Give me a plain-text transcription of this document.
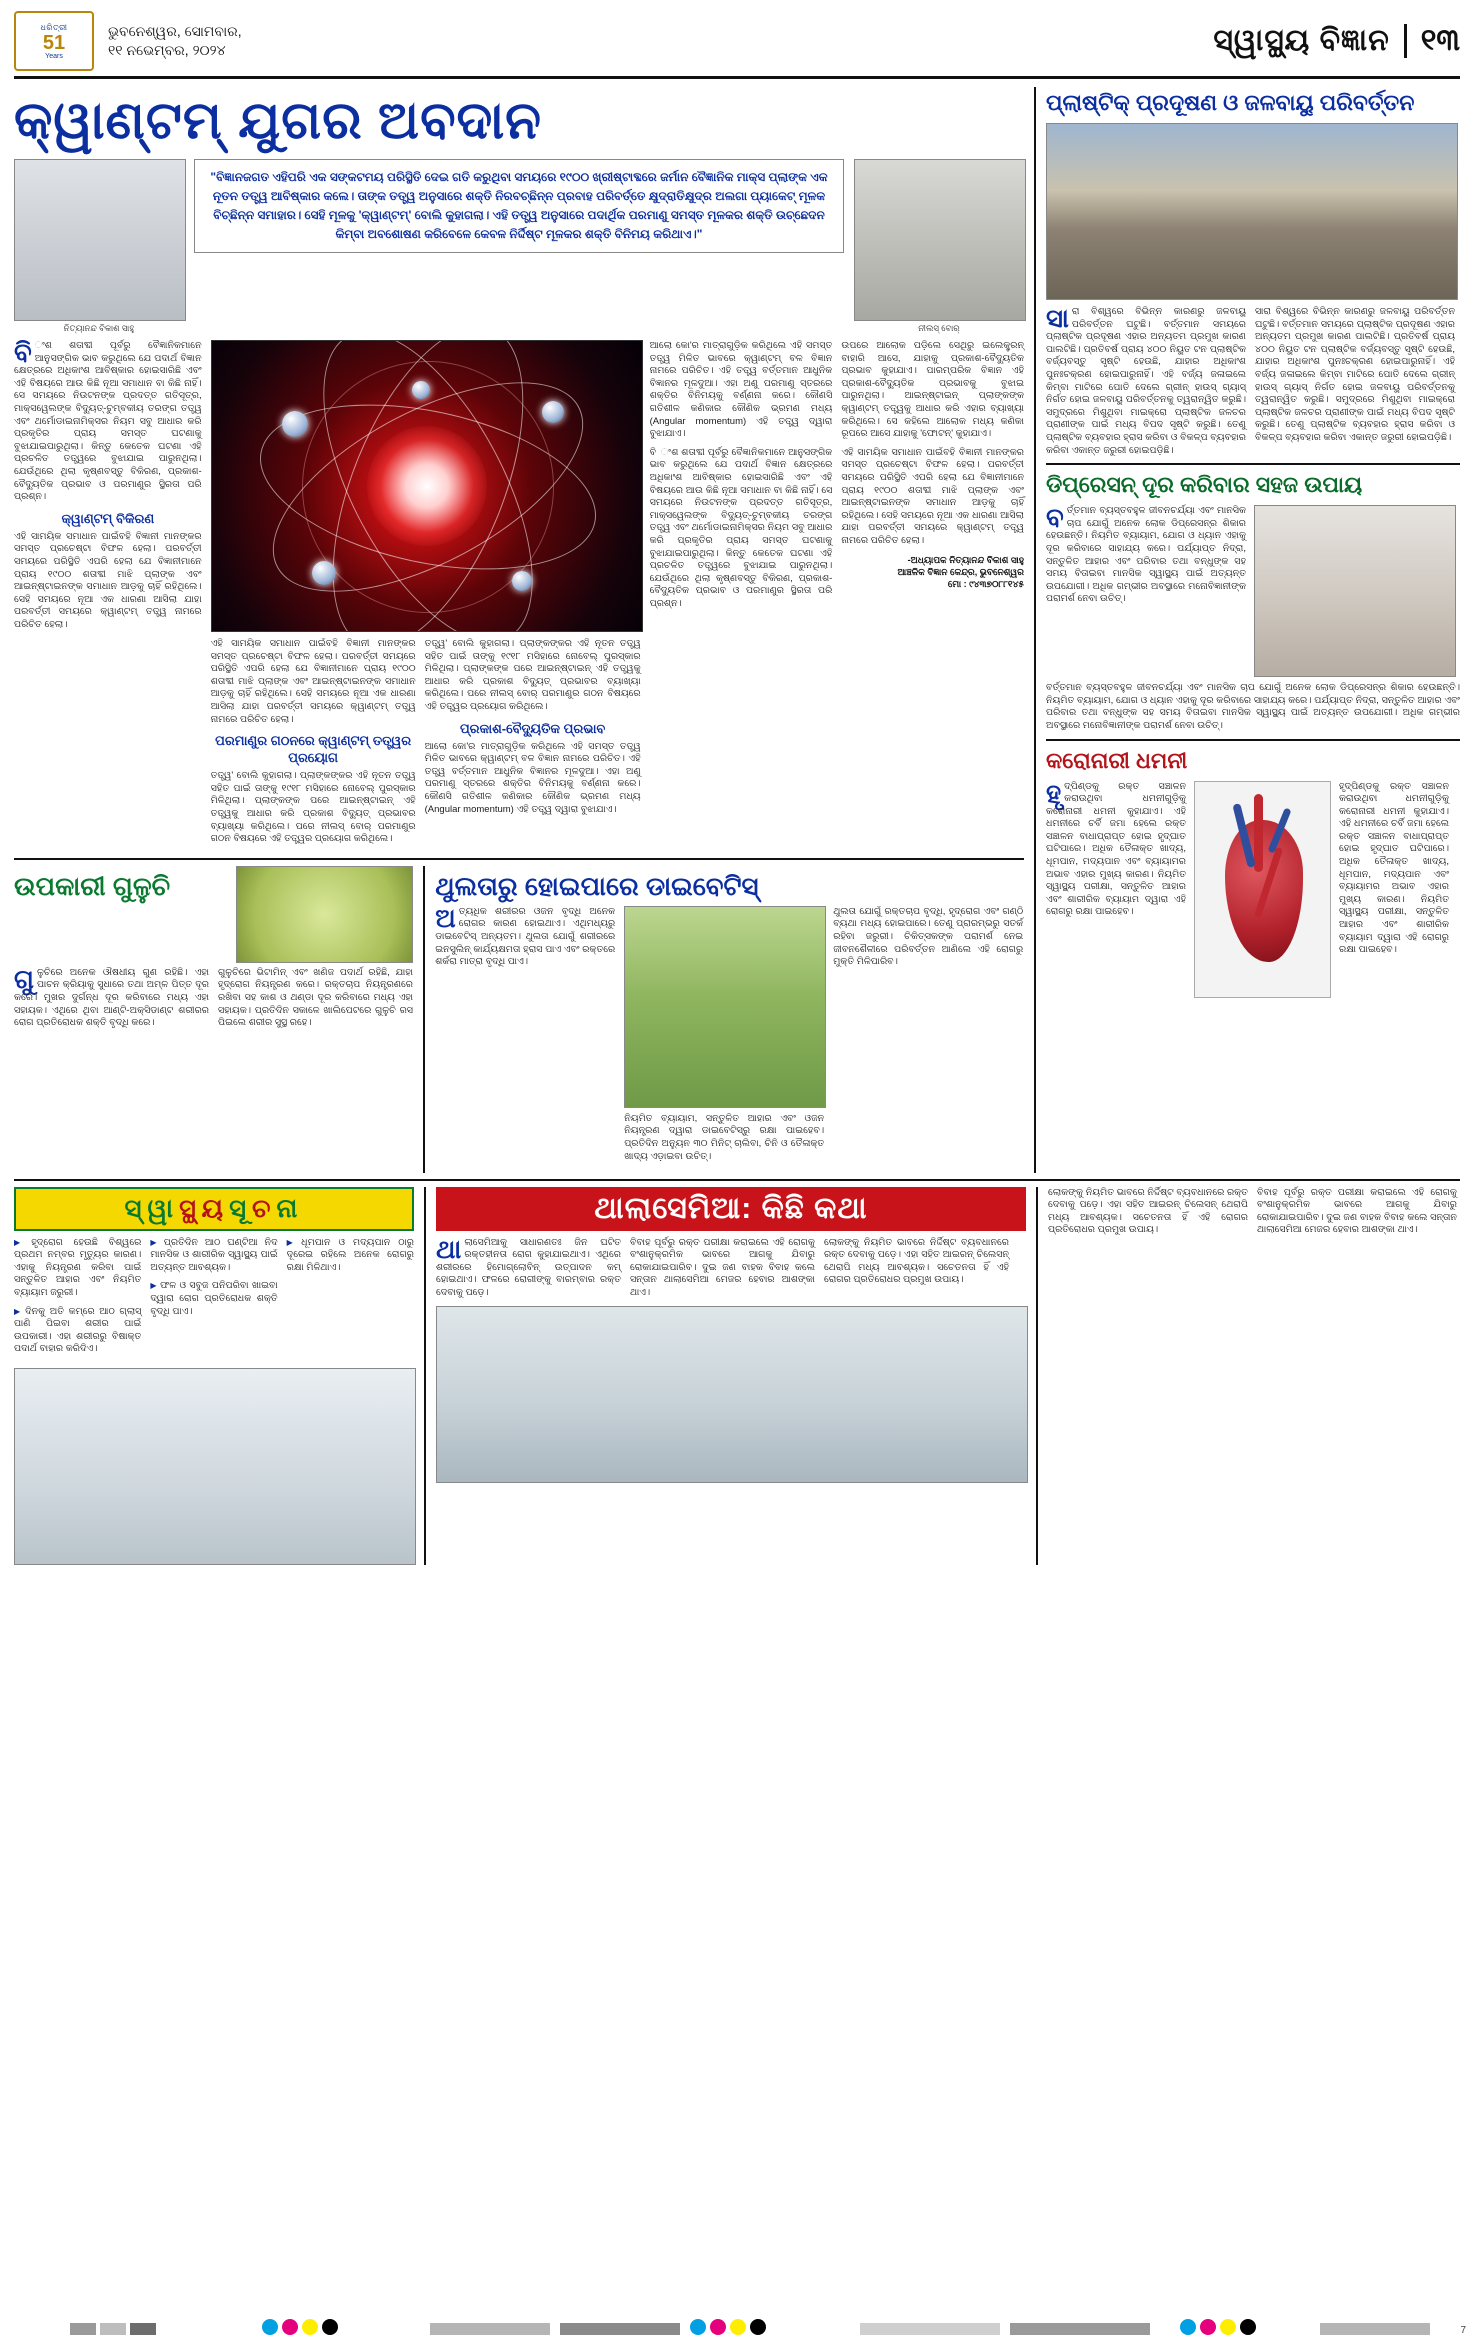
ଧରିତ୍ରୀ
51
Years
ଭୁବନେଶ୍ୱର, ସୋମବାର,
୧୧ ନଭେମ୍ବର, ୨୦୨୪	ସ୍ୱାସ୍ଥ୍ୟ ବିଜ୍ଞାନ	୧୩
କ୍ୱାଣ୍ଟମ୍ ଯୁଗର ଅବଦାନ
ନିତ୍ୟାନନ୍ଦ ବିକାଶ ସାହୁ
"ବିଜ୍ଞାନଜଗତ ଏହିପରି ଏକ ସଙ୍କଟମୟ ପରିସ୍ଥିତି ଦେଇ ଗତି କରୁଥିବା ସମୟରେ ୧୯୦୦ ଖ୍ରୀଷ୍ଟାବ୍ଦରେ ଜର୍ମାନ ବୈଜ୍ଞାନିକ ମାକ୍ସ ପ୍ଲାଙ୍କ ଏକ ନୂତନ ତତ୍ତ୍ୱ ଆବିଷ୍କାର କଲେ। ତାଙ୍କ ତତ୍ତ୍ୱ ଅନୁସାରେ ଶକ୍ତି ନିରବଚ୍ଛିନ୍ନ ପ୍ରବାହ ପରିବର୍ତ୍ତେ କ୍ଷୁଦ୍ରାତିକ୍ଷୁଦ୍ର ଅଲଗା ପ୍ୟାକେଟ୍ ମୂଳକ ବିଚ୍ଛିନ୍ନ ସମାହାର। ସେହି ମୂଳକୁ 'କ୍ୱାଣ୍ଟମ୍' ବୋଲି କୁହାଗଲା। ଏହି ତତ୍ତ୍ୱ ଅନୁସାରେ ପଦାର୍ଥିକ ପରମାଣୁ ସମସ୍ତ ମୂଳକର ଶକ୍ତି ଉଚ୍ଛେଦନ କିମ୍ବା ଅବଶୋଷଣ କରିବେଳେ କେବଳ ନିର୍ଦ୍ଦିଷ୍ଟ ମୂଳକର ଶକ୍ତି ବିନିମୟ କରିଥାଏ।"
ନୀଲସ୍ ବୋର୍

ବିଂଶ ଶତାବ୍ଦୀ ପୂର୍ବରୁ ବୈଜ୍ଞାନିକମାନେ ଆନୁସଙ୍ଗିକ ଭାବ କରୁଥିଲେ ଯେ ପଦାର୍ଥ ବିଜ୍ଞାନ କ୍ଷେତ୍ରରେ ଅଧିକାଂଶ ଆବିଷ୍କାର ହୋଇସାରିଛି ଏବଂ ଏହି ବିଷୟରେ ଆଉ କିଛି ନୂଆ ସମାଧାନ ବା କିଛି ନାହିଁ। ସେ ସମୟରେ ନିଉଟନଙ୍କ ପ୍ରଦତ୍ତ ଗତିସୂତ୍ର, ମାକ୍ସୱେଲଙ୍କ ବିଦ୍ୟୁତ୍-ଚୁମ୍ବକୀୟ ତରଙ୍ଗ ତତ୍ତ୍ୱ ଏବଂ ଥର୍ମୋଡାଇନାମିକ୍ସର ନିୟମ ସବୁ ଆଧାର କରି ପ୍ରକୃତିର ପ୍ରାୟ ସମସ୍ତ ଘଟଣାକୁ ବୁଝାଯାଇପାରୁଥିଲା। କିନ୍ତୁ କେତେକ ଘଟଣା ଏହି ପ୍ରଚଳିତ ତତ୍ତ୍ୱରେ ବୁଝାଯାଇ ପାରୁନଥିଲା। ଯେଉଁଥିରେ ଥିଲା କୃଷ୍ଣବସ୍ତୁ ବିକିରଣ, ପ୍ରକାଶ-ବୈଦ୍ୟୁତିକ ପ୍ରଭାବ ଓ ପରମାଣୁର ସ୍ଥିରତା ପରି ପ୍ରଶ୍ନ।

କ୍ୱାଣ୍ଟମ୍ ବିକିରଣ

ଏହି ସାମୟିକ ସମାଧାନ ପାଇଁବହି ବିଜ୍ଞାନୀ ମାନଙ୍କର ସମସ୍ତ ପ୍ରଚେଷ୍ଟା ବିଫଳ ହେଲା। ପରବର୍ତ୍ତୀ ସମୟରେ ପରିସ୍ଥିତି ଏପରି ହେଲା ଯେ ବିଜ୍ଞାନୀମାନେ ପ୍ରାୟ ୧୯୦୦ ଶତାବ୍ଦୀ ମାଝି ପ୍ଲାଙ୍କ ଏବଂ ଆଇନ୍‌ଷ୍ଟାଇନଙ୍କ ସମାଧାନ ଆଡ଼କୁ ଚାହିଁ ରହିଥିଲେ। ସେହି ସମୟରେ ନୂଆ ଏକ ଧାରଣା ଆସିଲା ଯାହା ପରବର୍ତ୍ତୀ ସମୟରେ କ୍ୱାଣ୍ଟମ୍ ତତ୍ତ୍ୱ ନାମରେ ପରିଚିତ ହେଲା।

ଏହି ସାମୟିକ ସମାଧାନ ପାଇଁବହି ବିଜ୍ଞାନୀ ମାନଙ୍କର ସମସ୍ତ ପ୍ରଚେଷ୍ଟା ବିଫଳ ହେଲା। ପରବର୍ତ୍ତୀ ସମୟରେ ପରିସ୍ଥିତି ଏପରି ହେଲା ଯେ ବିଜ୍ଞାନୀମାନେ ପ୍ରାୟ ୧୯୦୦ ଶତାବ୍ଦୀ ମାଝି ପ୍ଲାଙ୍କ ଏବଂ ଆଇନ୍‌ଷ୍ଟାଇନଙ୍କ ସମାଧାନ ଆଡ଼କୁ ଚାହିଁ ରହିଥିଲେ। ସେହି ସମୟରେ ନୂଆ ଏକ ଧାରଣା ଆସିଲା ଯାହା ପରବର୍ତ୍ତୀ ସମୟରେ କ୍ୱାଣ୍ଟମ୍ ତତ୍ତ୍ୱ ନାମରେ ପରିଚିତ ହେଲା।

ପରମାଣୁର ଗଠନରେ କ୍ୱାଣ୍ଟମ୍ ତତ୍ତ୍ୱର ପ୍ରୟୋଗ

ତତ୍ତ୍ୱ' ବୋଲି କୁହାଗଲା। ପ୍ଲାଙ୍କଙ୍କର ଏହି ନୂତନ ତତ୍ତ୍ୱ ସହିତ ପାଇଁ ତାଙ୍କୁ ୧୯୧୮ ମସିହାରେ ନୋବେଲ୍ ପୁରସ୍କାର ମିଳିଥିଲା। ପ୍ଲାଙ୍କଙ୍କ ପରେ ଆଇନ୍‌ଷ୍ଟାଇନ୍ ଏହି ତତ୍ତ୍ୱକୁ ଆଧାର କରି ପ୍ରକାଶ ବିଦ୍ୟୁତ୍ ପ୍ରଭାବର ବ୍ୟାଖ୍ୟା କରିଥିଲେ। ପରେ ନୀଲସ୍ ବୋର୍ ପରମାଣୁର ଗଠନ ବିଷୟରେ ଏହି ତତ୍ତ୍ୱର ପ୍ରୟୋଗ କରିଥିଲେ।

ତତ୍ତ୍ୱ' ବୋଲି କୁହାଗଲା। ପ୍ଲାଙ୍କଙ୍କର ଏହି ନୂତନ ତତ୍ତ୍ୱ ସହିତ ପାଇଁ ତାଙ୍କୁ ୧୯୧୮ ମସିହାରେ ନୋବେଲ୍ ପୁରସ୍କାର ମିଳିଥିଲା। ପ୍ଲାଙ୍କଙ୍କ ପରେ ଆଇନ୍‌ଷ୍ଟାଇନ୍ ଏହି ତତ୍ତ୍ୱକୁ ଆଧାର କରି ପ୍ରକାଶ ବିଦ୍ୟୁତ୍ ପ୍ରଭାବର ବ୍ୟାଖ୍ୟା କରିଥିଲେ। ପରେ ନୀଲସ୍ ବୋର୍ ପରମାଣୁର ଗଠନ ବିଷୟରେ ଏହି ତତ୍ତ୍ୱର ପ୍ରୟୋଗ କରିଥିଲେ।

ପ୍ରକାଶ-ବୈଦ୍ୟୁତିକ ପ୍ରଭାବ

ଆଲୋ କୋ'ର ମାତ୍ରାଗୁଡ଼ିକ କରିଥିଲେ ଏହି ସମସ୍ତ ତତ୍ତ୍ୱ ମିଳିତ ଭାବରେ କ୍ୱାଣ୍ଟମ୍ ବଳ ବିଜ୍ଞାନ ନାମରେ ପରିଚିତ। ଏହି ତତ୍ତ୍ୱ ବର୍ତ୍ତମାନ ଆଧୁନିକ ବିଜ୍ଞାନର ମୂଳଦୁଆ। ଏହା ଅଣୁ ପରମାଣୁ ସ୍ତରରେ ଶକ୍ତିର ବିନିମୟକୁ ବର୍ଣ୍ଣନା କରେ। କୌଣସି ଗତିଶୀଳ କଣିକାର କୌଣିକ ଭ୍ରମଣ ମଧ୍ୟ (Angular momentum) ଏହି ତତ୍ତ୍ୱ ଦ୍ୱାରା ବୁଝାଯାଏ।

ଆଲୋ କୋ'ର ମାତ୍ରାଗୁଡ଼ିକ କରିଥିଲେ ଏହି ସମସ୍ତ ତତ୍ତ୍ୱ ମିଳିତ ଭାବରେ କ୍ୱାଣ୍ଟମ୍ ବଳ ବିଜ୍ଞାନ ନାମରେ ପରିଚିତ। ଏହି ତତ୍ତ୍ୱ ବର୍ତ୍ତମାନ ଆଧୁନିକ ବିଜ୍ଞାନର ମୂଳଦୁଆ। ଏହା ଅଣୁ ପରମାଣୁ ସ୍ତରରେ ଶକ୍ତିର ବିନିମୟକୁ ବର୍ଣ୍ଣନା କରେ। କୌଣସି ଗତିଶୀଳ କଣିକାର କୌଣିକ ଭ୍ରମଣ ମଧ୍ୟ (Angular momentum) ଏହି ତତ୍ତ୍ୱ ଦ୍ୱାରା ବୁଝାଯାଏ।

ବି ଂଶ ଶତାବ୍ଦୀ ପୂର୍ବରୁ ବୈଜ୍ଞାନିକମାନେ ଆନୁସଙ୍ଗିକ ଭାବ କରୁଥିଲେ ଯେ ପଦାର୍ଥ ବିଜ୍ଞାନ କ୍ଷେତ୍ରରେ ଅଧିକାଂଶ ଆବିଷ୍କାର ହୋଇସାରିଛି ଏବଂ ଏହି ବିଷୟରେ ଆଉ କିଛି ନୂଆ ସମାଧାନ ବା କିଛି ନାହିଁ। ସେ ସମୟରେ ନିଉଟନଙ୍କ ପ୍ରଦତ୍ତ ଗତିସୂତ୍ର, ମାକ୍ସୱେଲଙ୍କ ବିଦ୍ୟୁତ୍-ଚୁମ୍ବକୀୟ ତରଙ୍ଗ ତତ୍ତ୍ୱ ଏବଂ ଥର୍ମୋଡାଇନାମିକ୍ସର ନିୟମ ସବୁ ଆଧାର କରି ପ୍ରକୃତିର ପ୍ରାୟ ସମସ୍ତ ଘଟଣାକୁ ବୁଝାଯାଇପାରୁଥିଲା। କିନ୍ତୁ କେତେକ ଘଟଣା ଏହି ପ୍ରଚଳିତ ତତ୍ତ୍ୱରେ ବୁଝାଯାଇ ପାରୁନଥିଲା। ଯେଉଁଥିରେ ଥିଲା କୃଷ୍ଣବସ୍ତୁ ବିକିରଣ, ପ୍ରକାଶ-ବୈଦ୍ୟୁତିକ ପ୍ରଭାବ ଓ ପରମାଣୁର ସ୍ଥିରତା ପରି ପ୍ରଶ୍ନ।

ଉପରେ ଆଲୋକ ପଡ଼ିଲେ ସେଥିରୁ ଇଲେକ୍ଟ୍ରନ୍ ବାହାରି ଆସେ, ଯାହାକୁ ପ୍ରକାଶ-ବୈଦ୍ୟୁତିକ ପ୍ରଭାବ କୁହାଯାଏ। ପାରମ୍ପରିକ ବିଜ୍ଞାନ ଏହି ପ୍ରକାଶ-ବୈଦ୍ୟୁତିକ ପ୍ରଭାବକୁ ବୁଝାଇ ପାରୁନଥିଲା। ଆଇନ୍‌ଷ୍ଟାଇନ୍ ପ୍ଲାଙ୍କଙ୍କ କ୍ୱାଣ୍ଟମ୍ ତତ୍ତ୍ୱକୁ ଆଧାର କରି ଏହାର ବ୍ୟାଖ୍ୟା କରିଥିଲେ। ସେ କହିଲେ ଆଲୋକ ମଧ୍ୟ କଣିକା ରୂପରେ ଆସେ ଯାହାକୁ 'ଫୋଟନ୍' କୁହାଯାଏ।

ଏହି ସାମୟିକ ସମାଧାନ ପାଇଁବହି ବିଜ୍ଞାନୀ ମାନଙ୍କର ସମସ୍ତ ପ୍ରଚେଷ୍ଟା ବିଫଳ ହେଲା। ପରବର୍ତ୍ତୀ ସମୟରେ ପରିସ୍ଥିତି ଏପରି ହେଲା ଯେ ବିଜ୍ଞାନୀମାନେ ପ୍ରାୟ ୧୯୦୦ ଶତାବ୍ଦୀ ମାଝି ପ୍ଲାଙ୍କ ଏବଂ ଆଇନ୍‌ଷ୍ଟାଇନଙ୍କ ସମାଧାନ ଆଡ଼କୁ ଚାହିଁ ରହିଥିଲେ। ସେହି ସମୟରେ ନୂଆ ଏକ ଧାରଣା ଆସିଲା ଯାହା ପରବର୍ତ୍ତୀ ସମୟରେ କ୍ୱାଣ୍ଟମ୍ ତତ୍ତ୍ୱ ନାମରେ ପରିଚିତ ହେଲା।

-ଅଧ୍ୟାପକ ନିତ୍ୟାନନ୍ଦ ବିକାଶ ସାହୁ
ଆଞ୍ଚଳିକ ବିଜ୍ଞାନ କେନ୍ଦ୍ର, ଭୁବନେଶ୍ୱର
ମୋ : ୯୪୩୭୦୮୮୧୪୫
ଉପକାରୀ ଗୁଳୁଚି

ଗୁଳୁଚିରେ ଅନେକ ଔଷଧୀୟ ଗୁଣ ରହିଛି। ଏହା ପାଚନ କ୍ରିୟାକୁ ସୁଧାରେ ତଥା ଅମ୍ଳ ପିତ୍ତ ଦୂର କରେ। ମୁଖର ଦୁର୍ଗନ୍ଧ ଦୂର କରିବାରେ ମଧ୍ୟ ଏହା ସହାୟକ। ଏଥିରେ ଥିବା ଆଣ୍ଟି-ଅକ୍ସିଡାଣ୍ଟ ଶରୀରର ରୋଗ ପ୍ରତିରୋଧକ ଶକ୍ତି ବୃଦ୍ଧି କରେ।

ଗୁଳୁଚିରେ ଭିଟାମିନ୍ ଏବଂ ଖଣିଜ ପଦାର୍ଥ ରହିଛି, ଯାହା ହୃଦ୍‌ରୋଗ ନିୟନ୍ତ୍ରଣ କରେ। ରକ୍ତଚାପ ନିୟନ୍ତ୍ରଣରେ ରଖିବା ସହ କାଶ ଓ ଥଣ୍ଡା ଦୂର କରିବାରେ ମଧ୍ୟ ଏହା ସହାୟକ। ପ୍ରତିଦିନ ସକାଳେ ଖାଲିପେଟରେ ଗୁଳୁଚି ରସ ପିଇଲେ ଶରୀର ସୁସ୍ଥ ରହେ।

ଥୁଲତାରୁ ହୋଇପାରେ ଡାଇବେଟିସ୍

ଅତ୍ୟଧିକ ଶରୀରର ଓଜନ ବୃଦ୍ଧି ଅନେକ ରୋଗର କାରଣ ହୋଇଥାଏ। ଏଥିମଧ୍ୟରୁ ଡାଇବେଟିସ୍ ଅନ୍ୟତମ। ଥୁଲତା ଯୋଗୁଁ ଶରୀରରେ ଇନସୁଲିନ୍ କାର୍ଯ୍ୟକ୍ଷମତା ହ୍ରାସ ପାଏ ଏବଂ ରକ୍ତରେ ଶର୍କରା ମାତ୍ରା ବୃଦ୍ଧି ପାଏ।

ନିୟମିତ ବ୍ୟାୟାମ, ସନ୍ତୁଳିତ ଆହାର ଏବଂ ଓଜନ ନିୟନ୍ତ୍ରଣ ଦ୍ୱାରା ଡାଇବେଟିସ୍‌ରୁ ରକ୍ଷା ପାଇହେବ। ପ୍ରତିଦିନ ଅନ୍ୟୁନ ୩୦ ମିନିଟ୍ ଚାଲିବା, ଚିନି ଓ ତୈଳାକ୍ତ ଖାଦ୍ୟ ଏଡ଼ାଇବା ଉଚିତ୍।

ଥୁଲତା ଯୋଗୁଁ ରକ୍ତଚାପ ବୃଦ୍ଧି, ହୃଦ୍‌ରୋଗ ଏବଂ ଗଣ୍ଠି ବ୍ୟଥା ମଧ୍ୟ ହୋଇପାରେ। ତେଣୁ ପ୍ରାରମ୍ଭରୁ ସତର୍କ ରହିବା ଜରୁରୀ। ଚିକିତ୍ସକଙ୍କ ପରାମର୍ଶ ନେଇ ଜୀବନଶୈଳୀରେ ପରିବର୍ତ୍ତନ ଆଣିଲେ ଏହି ରୋଗରୁ ମୁକ୍ତି ମିଳିପାରିବ।

ପ୍ଲାଷ୍ଟିକ୍ ପ୍ରଦୂଷଣ ଓ ଜଳବାୟୁ ପରିବର୍ତ୍ତନ
ସାରା ବିଶ୍ୱରେ ବିଭିନ୍ନ କାରଣରୁ ଜଳବାୟୁ ପରିବର୍ତ୍ତନ ଘଟୁଛି। ବର୍ତ୍ତମାନ ସମୟରେ ପ୍ଲାଷ୍ଟିକ ପ୍ରଦୂଷଣ ଏହାର ଅନ୍ୟତମ ପ୍ରମୁଖ କାରଣ ପାଲଟିଛି। ପ୍ରତିବର୍ଷ ପ୍ରାୟ ୪୦୦ ନିୟୁତ ଟନ ପ୍ଲାଷ୍ଟିକ ବର୍ଜ୍ୟବସ୍ତୁ ସୃଷ୍ଟି ହେଉଛି, ଯାହାର ଅଧିକାଂଶ ପୁନଃଚକ୍ରଣ ହୋଇପାରୁନାହିଁ। ଏହି ବର୍ଜ୍ୟ ଜଳାଇଲେ କିମ୍ବା ମାଟିରେ ପୋତି ଦେଲେ ଗ୍ରୀନ୍ ହାଉସ୍ ଗ୍ୟାସ୍ ନିର୍ଗତ ହୋଇ ଜଳବାୟୁ ପରିବର୍ତ୍ତନକୁ ତ୍ୱରାନ୍ୱିତ କରୁଛି। ସମୁଦ୍ରରେ ମିଶୁଥିବା ମାଇକ୍ରୋ ପ୍ଲାଷ୍ଟିକ ଜଳଚର ପ୍ରାଣୀଙ୍କ ପାଇଁ ମଧ୍ୟ ବିପଦ ସୃଷ୍ଟି କରୁଛି। ତେଣୁ ପ୍ଲାଷ୍ଟିକ ବ୍ୟବହାର ହ୍ରାସ କରିବା ଓ ବିକଳ୍ପ ବ୍ୟବହାର କରିବା ଏକାନ୍ତ ଜରୁରୀ ହୋଇପଡ଼ିଛି।
ସାରା ବିଶ୍ୱରେ ବିଭିନ୍ନ କାରଣରୁ ଜଳବାୟୁ ପରିବର୍ତ୍ତନ ଘଟୁଛି। ବର୍ତ୍ତମାନ ସମୟରେ ପ୍ଲାଷ୍ଟିକ ପ୍ରଦୂଷଣ ଏହାର ଅନ୍ୟତମ ପ୍ରମୁଖ କାରଣ ପାଲଟିଛି। ପ୍ରତିବର୍ଷ ପ୍ରାୟ ୪୦୦ ନିୟୁତ ଟନ ପ୍ଲାଷ୍ଟିକ ବର୍ଜ୍ୟବସ୍ତୁ ସୃଷ୍ଟି ହେଉଛି, ଯାହାର ଅଧିକାଂଶ ପୁନଃଚକ୍ରଣ ହୋଇପାରୁନାହିଁ। ଏହି ବର୍ଜ୍ୟ ଜଳାଇଲେ କିମ୍ବା ମାଟିରେ ପୋତି ଦେଲେ ଗ୍ରୀନ୍ ହାଉସ୍ ଗ୍ୟାସ୍ ନିର୍ଗତ ହୋଇ ଜଳବାୟୁ ପରିବର୍ତ୍ତନକୁ ତ୍ୱରାନ୍ୱିତ କରୁଛି। ସମୁଦ୍ରରେ ମିଶୁଥିବା ମାଇକ୍ରୋ ପ୍ଲାଷ୍ଟିକ ଜଳଚର ପ୍ରାଣୀଙ୍କ ପାଇଁ ମଧ୍ୟ ବିପଦ ସୃଷ୍ଟି କରୁଛି। ତେଣୁ ପ୍ଲାଷ୍ଟିକ ବ୍ୟବହାର ହ୍ରାସ କରିବା ଓ ବିକଳ୍ପ ବ୍ୟବହାର କରିବା ଏକାନ୍ତ ଜରୁରୀ ହୋଇପଡ଼ିଛି।
ଡିପ୍ରେସନ୍ ଦୂର କରିବାର ସହଜ ଉପାୟ
ବର୍ତ୍ତମାନ ବ୍ୟସ୍ତବହୁଳ ଜୀବନଚର୍ଯ୍ୟା ଏବଂ ମାନସିକ ଚାପ ଯୋଗୁଁ ଅନେକ ଲୋକ ଡିପ୍ରେସନ୍‌ର ଶିକାର ହେଉଛନ୍ତି। ନିୟମିତ ବ୍ୟାୟାମ, ଯୋଗ ଓ ଧ୍ୟାନ ଏହାକୁ ଦୂର କରିବାରେ ସାହାଯ୍ୟ କରେ। ପର୍ଯ୍ୟାପ୍ତ ନିଦ୍ରା, ସନ୍ତୁଳିତ ଆହାର ଏବଂ ପରିବାର ତଥା ବନ୍ଧୁଙ୍କ ସହ ସମୟ ବିତାଇବା ମାନସିକ ସ୍ୱାସ୍ଥ୍ୟ ପାଇଁ ଅତ୍ୟନ୍ତ ଉପଯୋଗୀ। ଅଧିକ ଗମ୍ଭୀର ଅବସ୍ଥାରେ ମନୋବିଜ୍ଞାନୀଙ୍କ ପରାମର୍ଶ ନେବା ଉଚିତ୍।
ବର୍ତ୍ତମାନ ବ୍ୟସ୍ତବହୁଳ ଜୀବନଚର୍ଯ୍ୟା ଏବଂ ମାନସିକ ଚାପ ଯୋଗୁଁ ଅନେକ ଲୋକ ଡିପ୍ରେସନ୍‌ର ଶିକାର ହେଉଛନ୍ତି। ନିୟମିତ ବ୍ୟାୟାମ, ଯୋଗ ଓ ଧ୍ୟାନ ଏହାକୁ ଦୂର କରିବାରେ ସାହାଯ୍ୟ କରେ। ପର୍ଯ୍ୟାପ୍ତ ନିଦ୍ରା, ସନ୍ତୁଳିତ ଆହାର ଏବଂ ପରିବାର ତଥା ବନ୍ଧୁଙ୍କ ସହ ସମୟ ବିତାଇବା ମାନସିକ ସ୍ୱାସ୍ଥ୍ୟ ପାଇଁ ଅତ୍ୟନ୍ତ ଉପଯୋଗୀ। ଅଧିକ ଗମ୍ଭୀର ଅବସ୍ଥାରେ ମନୋବିଜ୍ଞାନୀଙ୍କ ପରାମର୍ଶ ନେବା ଉଚିତ୍।
କରୋନାରୀ ଧମନୀ
ହୃଦ୍‌ପିଣ୍ଡକୁ ରକ୍ତ ସଞ୍ଚାଳନ କରାଉଥିବା ଧମନୀଗୁଡ଼ିକୁ କରୋନାରୀ ଧମନୀ କୁହାଯାଏ। ଏହି ଧମନୀରେ ଚର୍ବି ଜମା ହେଲେ ରକ୍ତ ସଞ୍ଚାଳନ ବାଧାପ୍ରାପ୍ତ ହୋଇ ହୃଦ୍‌ଘାତ ଘଟିପାରେ। ଅଧିକ ତୈଳାକ୍ତ ଖାଦ୍ୟ, ଧୂମପାନ, ମଦ୍ୟପାନ ଏବଂ ବ୍ୟାୟାମର ଅଭାବ ଏହାର ମୁଖ୍ୟ କାରଣ। ନିୟମିତ ସ୍ୱାସ୍ଥ୍ୟ ପରୀକ୍ଷା, ସନ୍ତୁଳିତ ଆହାର ଏବଂ ଶାରୀରିକ ବ୍ୟାୟାମ ଦ୍ୱାରା ଏହି ରୋଗରୁ ରକ୍ଷା ପାଇହେବ।
ହୃଦ୍‌ପିଣ୍ଡକୁ ରକ୍ତ ସଞ୍ଚାଳନ କରାଉଥିବା ଧମନୀଗୁଡ଼ିକୁ କରୋନାରୀ ଧମନୀ କୁହାଯାଏ। ଏହି ଧମନୀରେ ଚର୍ବି ଜମା ହେଲେ ରକ୍ତ ସଞ୍ଚାଳନ ବାଧାପ୍ରାପ୍ତ ହୋଇ ହୃଦ୍‌ଘାତ ଘଟିପାରେ। ଅଧିକ ତୈଳାକ୍ତ ଖାଦ୍ୟ, ଧୂମପାନ, ମଦ୍ୟପାନ ଏବଂ ବ୍ୟାୟାମର ଅଭାବ ଏହାର ମୁଖ୍ୟ କାରଣ। ନିୟମିତ ସ୍ୱାସ୍ଥ୍ୟ ପରୀକ୍ଷା, ସନ୍ତୁଳିତ ଆହାର ଏବଂ ଶାରୀରିକ ବ୍ୟାୟାମ ଦ୍ୱାରା ଏହି ରୋଗରୁ ରକ୍ଷା ପାଇହେବ।
ସ୍ୱାସ୍ଥ୍ୟସୂଚନା

▶ ହୃଦ୍‌ରୋଗ ହେଉଛି ବିଶ୍ୱରେ ପ୍ରଥମ ନମ୍ବର ମୃତ୍ୟୁର କାରଣ। ଏହାକୁ ନିୟନ୍ତ୍ରଣ କରିବା ପାଇଁ ସନ୍ତୁଳିତ ଆହାର ଏବଂ ନିୟମିତ ବ୍ୟାୟାମ ଜରୁରୀ।

▶ ଦିନକୁ ଅତି କମ୍‌ରେ ଆଠ ଗ୍ଲାସ୍ ପାଣି ପିଇବା ଶରୀର ପାଇଁ ଉପକାରୀ। ଏହା ଶରୀରରୁ ବିଷାକ୍ତ ପଦାର୍ଥ ବାହାର କରିଦିଏ।

▶ ପ୍ରତିଦିନ ଆଠ ଘଣ୍ଟିଆ ନିଦ ମାନସିକ ଓ ଶାରୀରିକ ସ୍ୱାସ୍ଥ୍ୟ ପାଇଁ ଅତ୍ୟନ୍ତ ଆବଶ୍ୟକ।

▶ ଫଳ ଓ ସବୁଜ ପନିପରିବା ଖାଇବା ଦ୍ୱାରା ରୋଗ ପ୍ରତିରୋଧକ ଶକ୍ତି ବୃଦ୍ଧି ପାଏ।

▶ ଧୂମପାନ ଓ ମଦ୍ୟପାନ ଠାରୁ ଦୂରେଇ ରହିଲେ ଅନେକ ରୋଗରୁ ରକ୍ଷା ମିଳିଥାଏ।

ଥାଲାସେମିଆ: କିଛି କଥା
ଥାଲାସେମିଆକୁ ସାଧାରଣତଃ ଜିନ ଘଟିତ ରକ୍ତହୀନତା ରୋଗ କୁହାଯାଇଥାଏ। ଏଥିରେ ଶରୀରରେ ହିମୋଗ୍ଲୋବିନ୍ ଉତ୍ପାଦନ କମ୍ ହୋଇଥାଏ। ଫଳରେ ରୋଗୀଙ୍କୁ ବାରମ୍ବାର ରକ୍ତ ଦେବାକୁ ପଡ଼େ।
ବିବାହ ପୂର୍ବରୁ ରକ୍ତ ପରୀକ୍ଷା କରାଇଲେ ଏହି ରୋଗକୁ ବଂଶାନୁକ୍ରମିକ ଭାବରେ ଆଗକୁ ଯିବାରୁ ରୋକାଯାଇପାରିବ। ଦୁଇ ଜଣ ବାହକ ବିବାହ କଲେ ସନ୍ତାନ ଥାଲାସେମିଆ ମେଜର ହେବାର ଆଶଙ୍କା ଥାଏ।
ଲୋକଙ୍କୁ ନିୟମିତ ଭାବରେ ନିର୍ଦ୍ଦିଷ୍ଟ ବ୍ୟବଧାନରେ ରକ୍ତ ଦେବାକୁ ପଡ଼େ। ଏହା ସହିତ ଆଇରନ୍ ଚିଲେସନ୍ ଥେରାପି ମଧ୍ୟ ଆବଶ୍ୟକ। ସଚେତନତା ହିଁ ଏହି ରୋଗର ପ୍ରତିରୋଧର ପ୍ରମୁଖ ଉପାୟ।
ଲୋକଙ୍କୁ ନିୟମିତ ଭାବରେ ନିର୍ଦ୍ଦିଷ୍ଟ ବ୍ୟବଧାନରେ ରକ୍ତ ଦେବାକୁ ପଡ଼େ। ଏହା ସହିତ ଆଇରନ୍ ଚିଲେସନ୍ ଥେରାପି ମଧ୍ୟ ଆବଶ୍ୟକ। ସଚେତନତା ହିଁ ଏହି ରୋଗର ପ୍ରତିରୋଧର ପ୍ରମୁଖ ଉପାୟ।
ବିବାହ ପୂର୍ବରୁ ରକ୍ତ ପରୀକ୍ଷା କରାଇଲେ ଏହି ରୋଗକୁ ବଂଶାନୁକ୍ରମିକ ଭାବରେ ଆଗକୁ ଯିବାରୁ ରୋକାଯାଇପାରିବ। ଦୁଇ ଜଣ ବାହକ ବିବାହ କଲେ ସନ୍ତାନ ଥାଲାସେମିଆ ମେଜର ହେବାର ଆଶଙ୍କା ଥାଏ।
7
